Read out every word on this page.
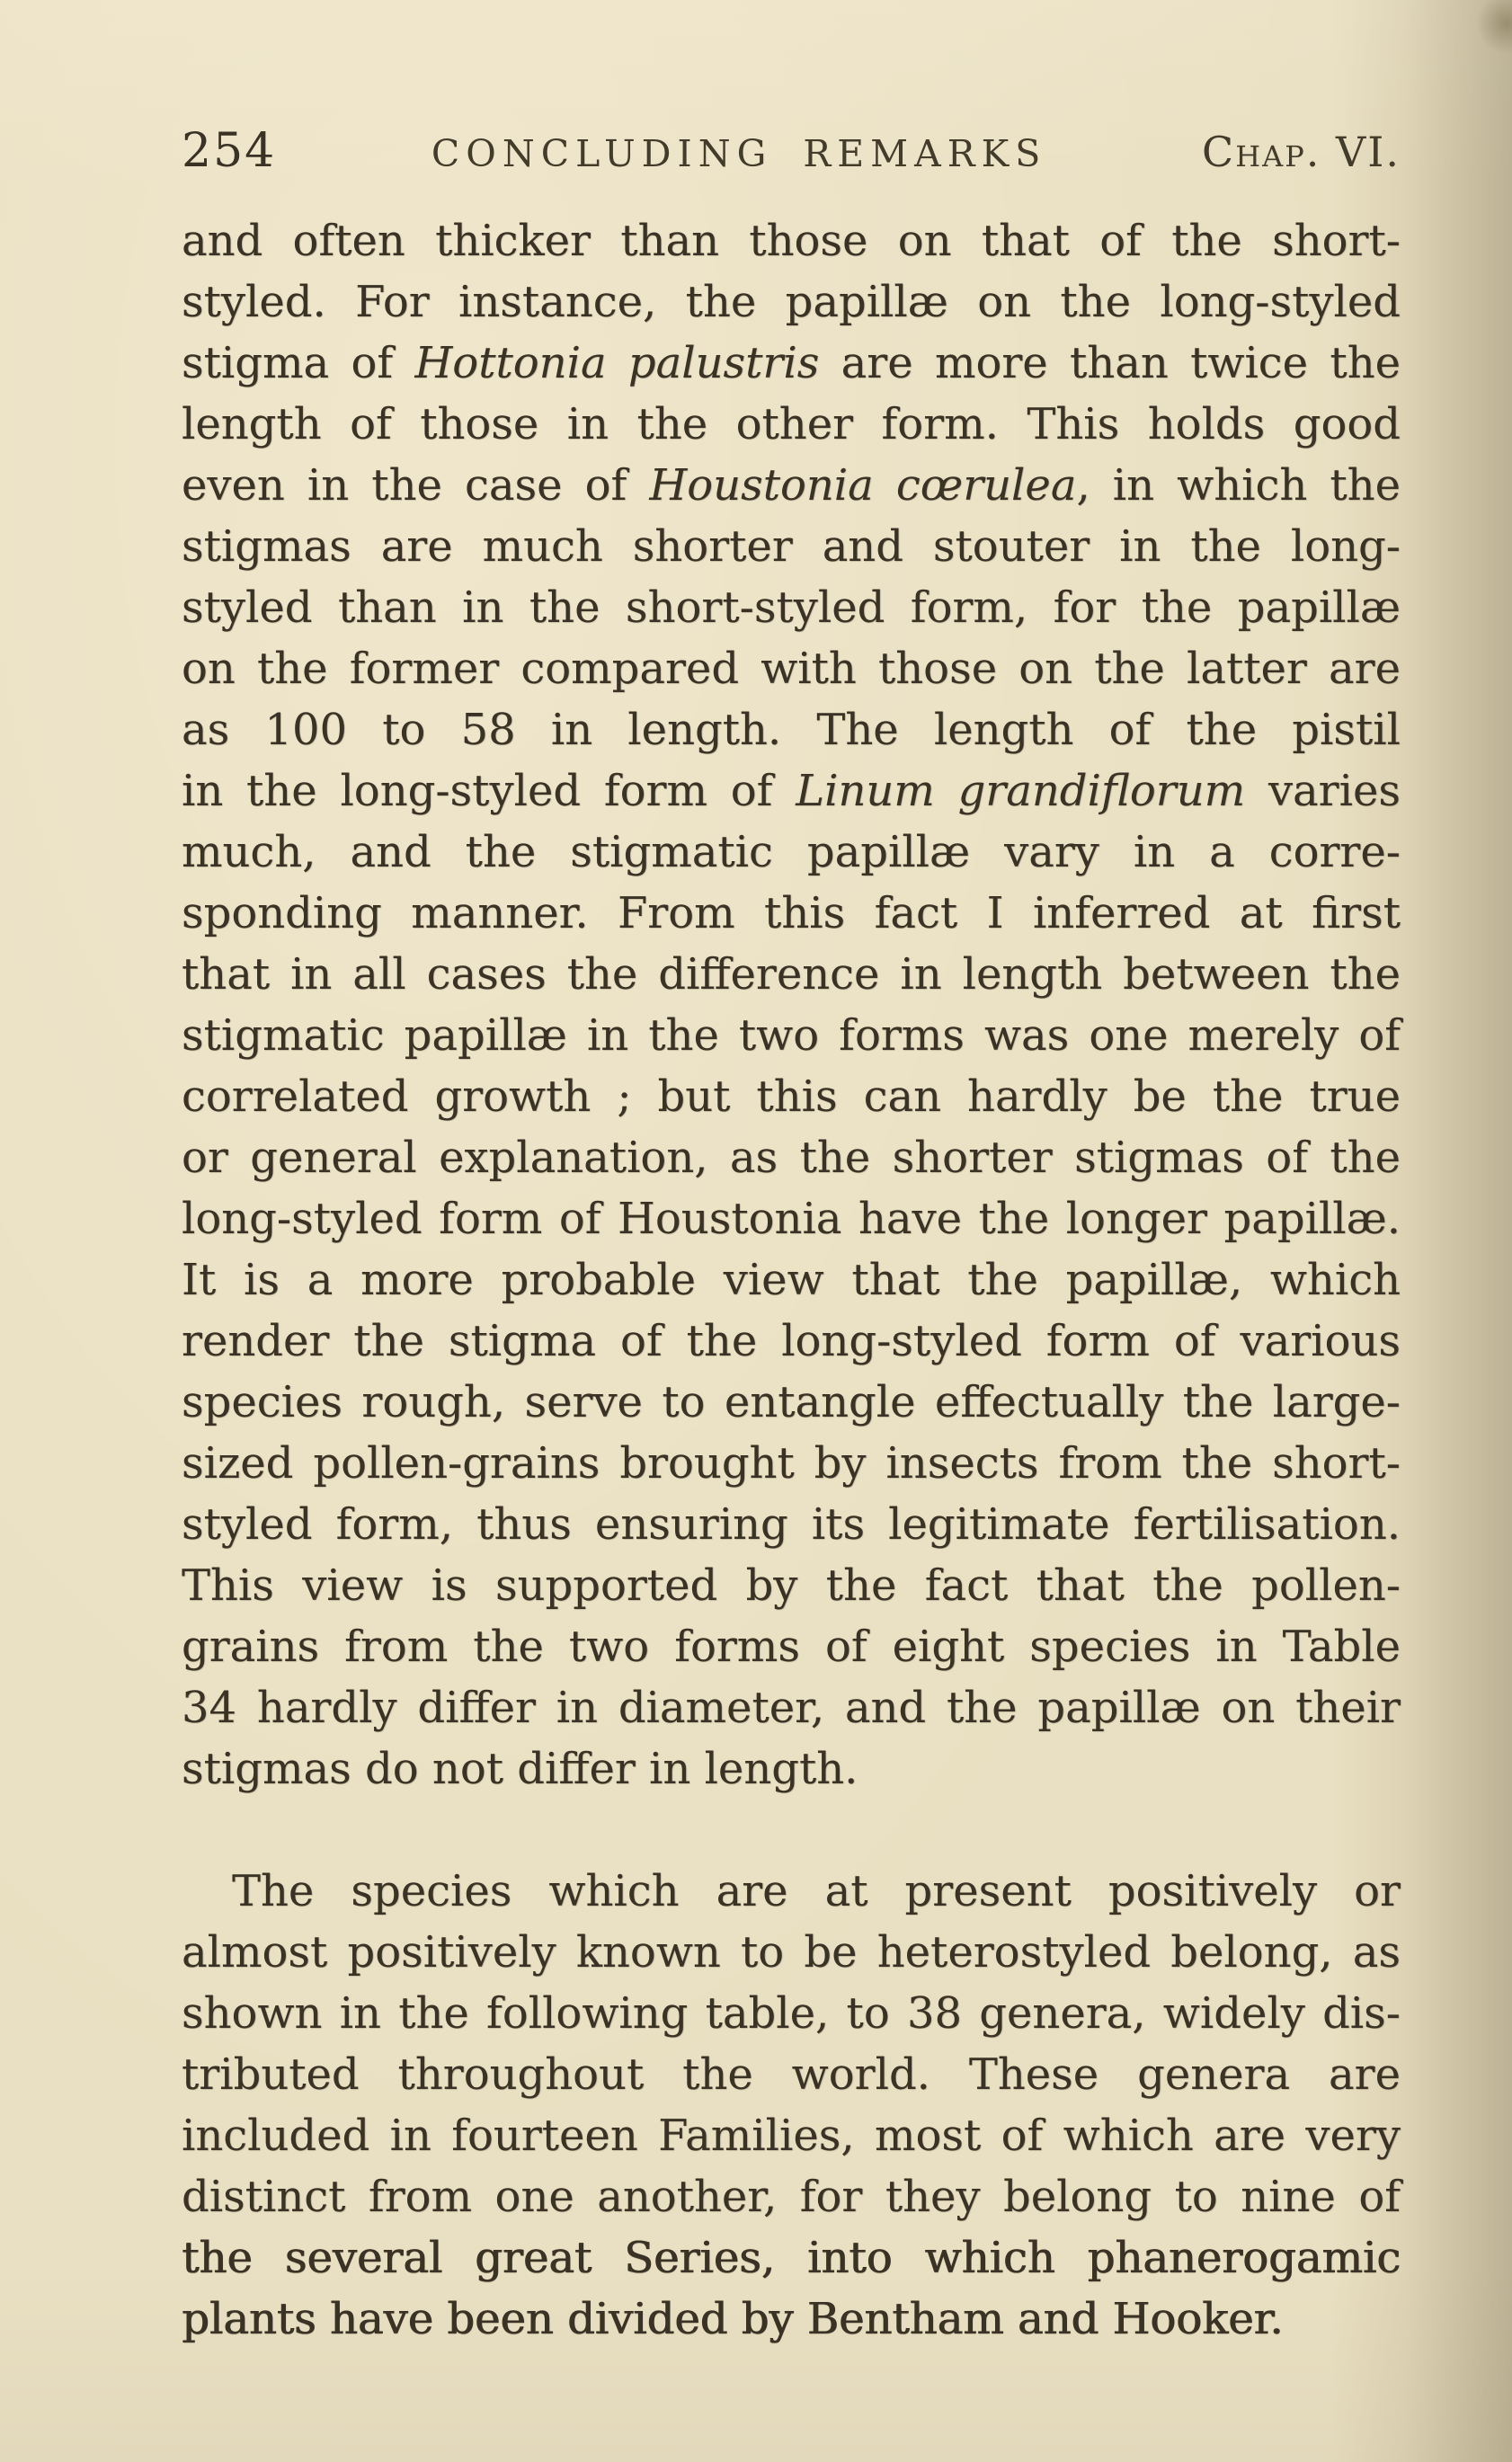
254	CONCLUDING REMARKS	Chap. VI.
and often thicker than those on that of the short-
styled. For instance, the papillæ on the long-styled
stigma of Hottonia palustris are more than twice the
length of those in the other form. This holds good
even in the case of Houstonia cœrulea, in which the
stigmas are much shorter and stouter in the long-
styled than in the short-styled form, for the papillæ
on the former compared with those on the latter are
as 100 to 58 in length. The length of the pistil
in the long-styled form of Linum grandiflorum varies
much, and the stigmatic papillæ vary in a corre-
sponding manner. From this fact I inferred at first
that in all cases the difference in length between the
stigmatic papillæ in the two forms was one merely of
correlated growth ; but this can hardly be the true
or general explanation, as the shorter stigmas of the
long-styled form of Houstonia have the longer papillæ.
It is a more probable view that the papillæ, which
render the stigma of the long-styled form of various
species rough, serve to entangle effectually the large-
sized pollen-grains brought by insects from the short-
styled form, thus ensuring its legitimate fertilisation.
This view is supported by the fact that the pollen-
grains from the two forms of eight species in Table
34 hardly differ in diameter, and the papillæ on their
stigmas do not differ in length.
The species which are at present positively or
almost positively known to be heterostyled belong, as
shown in the following table, to 38 genera, widely dis-
tributed throughout the world. These genera are
included in fourteen Families, most of which are very
distinct from one another, for they belong to nine of
the several great Series, into which phanerogamic
plants have been divided by Bentham and Hooker.
